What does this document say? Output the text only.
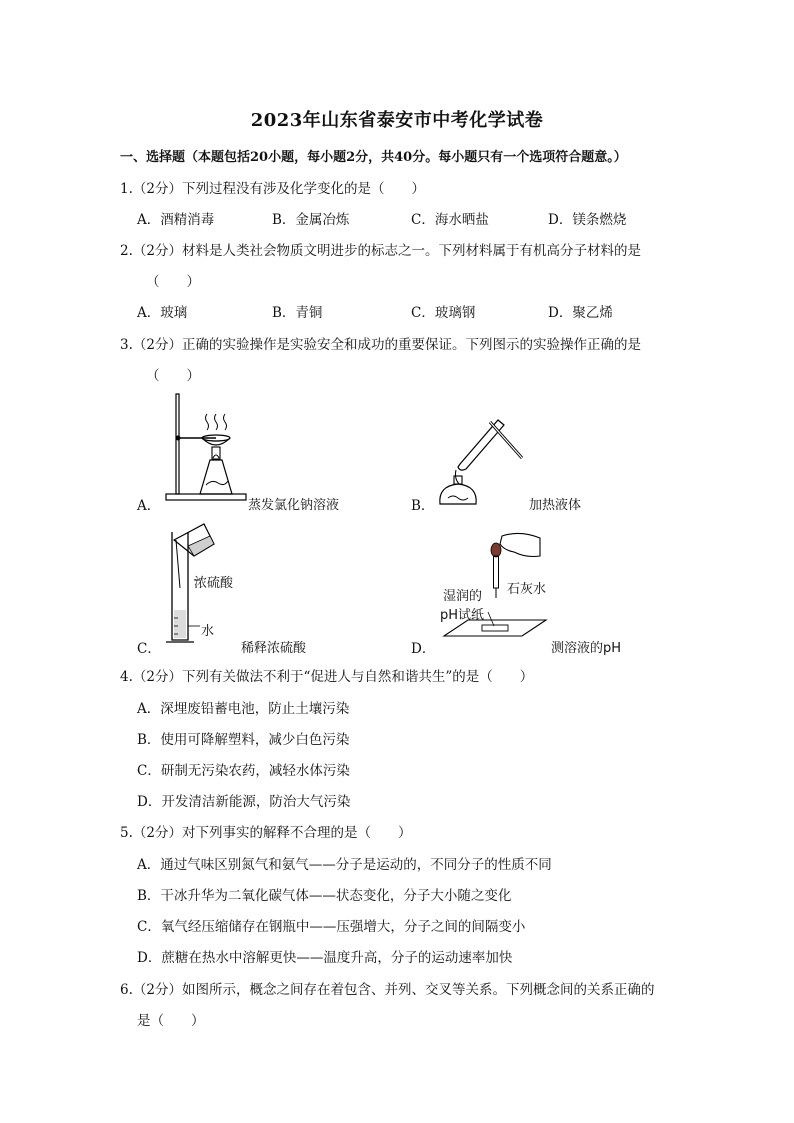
2023年山东省泰安市中考化学试卷
一、选择题（本题包括20小题，每小题2分，共40分。每小题只有一个选项符合题意。）
1.（2分）下列过程没有涉及化学变化的是（　　）
A．酒精消毒	B．金属冶炼	C．海水晒盐	D．镁条燃烧
2.（2分）材料是人类社会物质文明进步的标志之一。下列材料属于有机高分子材料的是
（　　）
A．玻璃	B．青铜	C．玻璃钢	D．聚乙烯
3.（2分）正确的实验操作是实验安全和成功的重要保证。下列图示的实验操作正确的是
（　　）
A．	蒸发氯化钠溶液	B．	加热液体
浓硫酸
水
C．	稀释浓硫酸
湿润的
pH试纸
石灰水
D．	测溶液的pH
4.（2分）下列有关做法不利于“促进人与自然和谐共生”的是（　　）
A．深埋废铅蓄电池，防止土壤污染
B．使用可降解塑料，减少白色污染
C．研制无污染农药，减轻水体污染
D．开发清洁新能源，防治大气污染
5.（2分）对下列事实的解释不合理的是（　　）
A．通过气味区别氮气和氨气——分子是运动的，不同分子的性质不同
B．干冰升华为二氧化碳气体——状态变化，分子大小随之变化
C．氧气经压缩储存在钢瓶中——压强增大，分子之间的间隔变小
D．蔗糖在热水中溶解更快——温度升高，分子的运动速率加快
6.（2分）如图所示，概念之间存在着包含、并列、交叉等关系。下列概念间的关系正确的
是（　　）
